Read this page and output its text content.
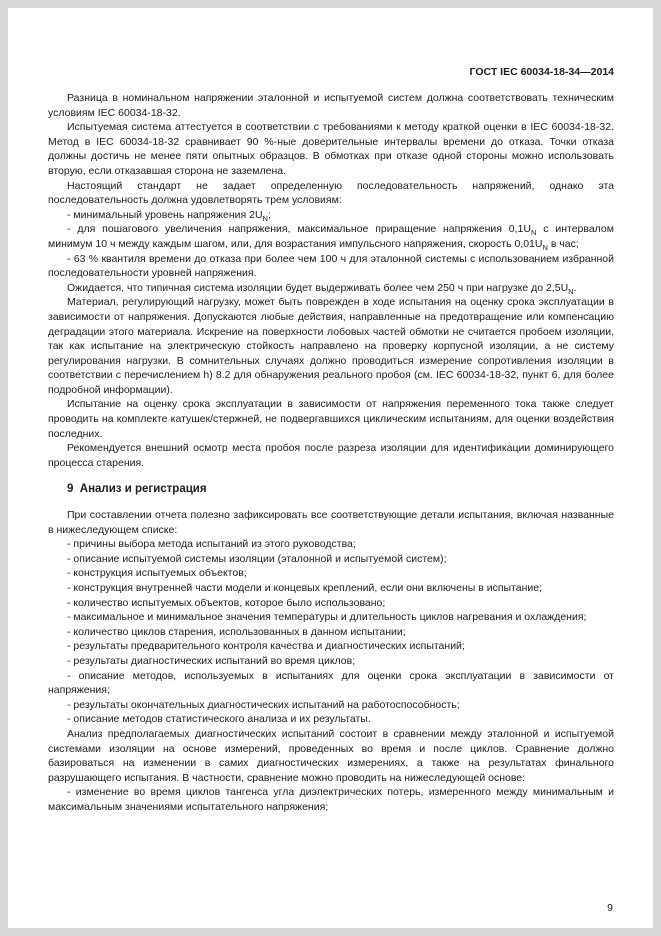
ГОСТ IEC 60034-18-34—2014

Разница в номинальном напряжении эталонной и испытуемой систем должна соответствовать техническим условиям IEC 60034-18-32.

Испытуемая система аттестуется в соответствии с требованиями к методу краткой оценки в IEC 60034-18-32. Метод в IEC 60034-18-32 сравнивает 90 %-ные доверительные интервалы времени до отказа. Точки отказа должны достичь не менее пяти опытных образцов. В обмотках при отказе одной стороны можно использовать вторую, если отказавшая сторона не заземлена.

Настоящий стандарт не задает определенную последовательность напряжений, однако эта последовательность должна удовлетворять трем условиям:

- минимальный уровень напряжения $2U_N$;

- для пошагового увеличения напряжения, максимальное приращение напряжения $0,1U_N$ с интервалом минимум 10 ч между каждым шагом, или, для возрастания импульсного напряжения, скорость $0,01U_N$ в час;

- 63 % квантиля времени до отказа при более чем 100 ч для эталонной системы с использованием избранной последовательности уровней напряжения.

Ожидается, что типичная система изоляции будет выдерживать более чем 250 ч при нагрузке до $2,5U_N$.

Материал, регулирующий нагрузку, может быть поврежден в ходе испытания на оценку срока эксплуатации в зависимости от напряжения. Допускаются любые действия, направленные на предотвращение или компенсацию деградации этого материала. Искрение на поверхности лобовых частей обмотки не считается пробоем изоляции, так как испытание на электрическую стойкость направлено на проверку корпусной изоляции, а не систему регулирования нагрузки. В сомнительных случаях должно проводиться измерение сопротивления изоляции в соответствии с перечислением h) 8.2 для обнаружения реального пробоя (см. IEC 60034-18-32, пункт 6, для более подробной информации).

Испытание на оценку срока эксплуатации в зависимости от напряжения переменного тока также следует проводить на комплекте катушек/стержней, не подвергавшихся циклическим испытаниям, для оценки воздействия последних.

Рекомендуется внешний осмотр места пробоя после разреза изоляции для идентификации доминирующего процесса старения.

9  Анализ и регистрация

При составлении отчета полезно зафиксировать все соответствующие детали испытания, включая названные в нижеследующем списке:

- причины выбора метода испытаний из этого руководства;

- описание испытуемой системы изоляции (эталонной и испытуемой систем);

- конструкция испытуемых объектов;

- конструкция внутренней части модели и концевых креплений, если они включены в испытание;

- количество испытуемых объектов, которое было использовано;

- максимальное и минимальное значения температуры и длительность циклов нагревания и охлаждения;

- количество циклов старения, использованных в данном испытании;

- результаты предварительного контроля качества и диагностических испытаний;

- результаты диагностических испытаний во время циклов;

- описание методов, используемых в испытаниях для оценки срока эксплуатации в зависимости от напряжения;

- результаты окончательных диагностических испытаний на работоспособность;

- описание методов статистического анализа и их результаты.

Анализ предполагаемых диагностических испытаний состоит в сравнении между эталонной и испытуемой системами изоляции на основе измерений, проведенных во время и после циклов. Сравнение должно базироваться на изменении в самих диагностических измерениях, а также на результатах финального разрушающего испытания. В частности, сравнение можно проводить на нижеследующей основе:

- изменение во время циклов тангенса угла диэлектрических потерь, измеренного между минимальным и максимальным значениями испытательного напряжения;

9
